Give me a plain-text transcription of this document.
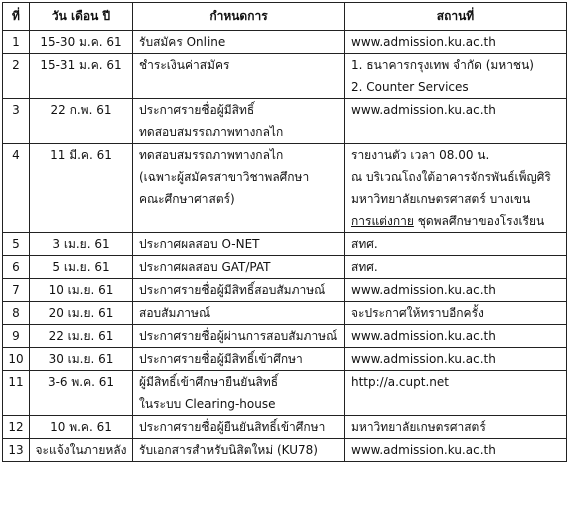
ที่	วัน เดือน ปี	กำหนดการ	สถานที่
1	15-30 ม.ค. 61	รับสมัคร Online	www.admission.ku.ac.th

2	15-31 ม.ค. 61	ชำระเงินค่าสมัคร	1. ธนาคารกรุงเทพ จำกัด (มหาชน)
2. Counter Services

3	22 ก.พ. 61	ประกาศรายชื่อผู้มีสิทธิ์
ทดสอบสมรรถภาพทางกลไก	www.admission.ku.ac.th

4	11 มี.ค. 61	ทดสอบสมรรถภาพทางกลไก
(เฉพาะผู้สมัครสาขาวิชาพลศึกษา
คณะศึกษาศาสตร์)	รายงานตัว เวลา 08.00 น.
ณ บริเวณโถงใต้อาคารจักรพันธ์เพ็ญศิริ
มหาวิทยาลัยเกษตรศาสตร์ บางเขน
การแต่งกาย ชุดพลศึกษาของโรงเรียน

5	3 เม.ย. 61	ประกาศผลสอบ O-NET	สทศ.

6	5 เม.ย. 61	ประกาศผลสอบ GAT/PAT	สทศ.

7	10 เม.ย. 61	ประกาศรายชื่อผู้มีสิทธิ์สอบสัมภาษณ์	www.admission.ku.ac.th

8	20 เม.ย. 61	สอบสัมภาษณ์	จะประกาศให้ทราบอีกครั้ง

9	22 เม.ย. 61	ประกาศรายชื่อผู้ผ่านการสอบสัมภาษณ์	www.admission.ku.ac.th

10	30 เม.ย. 61	ประกาศรายชื่อผู้มีสิทธิ์เข้าศึกษา	www.admission.ku.ac.th

11	3-6 พ.ค. 61	ผู้มีสิทธิ์เข้าศึกษายืนยันสิทธิ์
ในระบบ Clearing-house	http://a.cupt.net

12	10 พ.ค. 61	ประกาศรายชื่อผู้ยืนยันสิทธิ์เข้าศึกษา	มหาวิทยาลัยเกษตรศาสตร์

13	จะแจ้งในภายหลัง	รับเอกสารสำหรับนิสิตใหม่ (KU78)	www.admission.ku.ac.th
